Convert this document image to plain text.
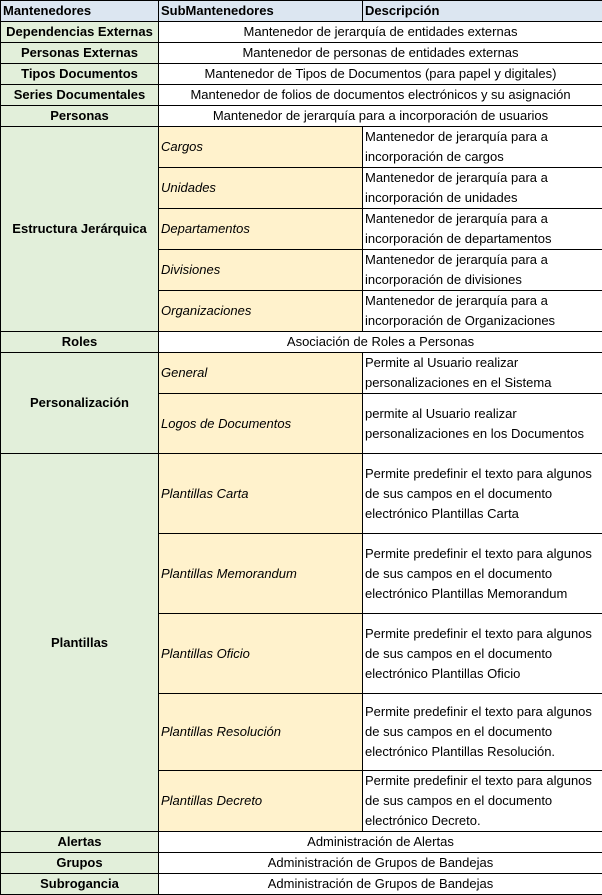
Mantenedores	SubMantenedores	Descripción
Dependencias Externas	Mantenedor de jerarquía de entidades externas	
Personas Externas	Mantenedor de personas de entidades externas	
Tipos Documentos	Mantenedor de Tipos de Documentos (para papel y digitales)	
Series Documentales	Mantenedor de folios de documentos electrónicos y su asignación	
Personas	Mantenedor de jerarquía para a incorporación de usuarios	
Estructura Jerárquica	Cargos	Mantenedor de jerarquía para a incorporación de cargos
	Unidades	Mantenedor de jerarquía para a incorporación de unidades
	Departamentos	Mantenedor de jerarquía para a incorporación de departamentos
	Divisiones	Mantenedor de jerarquía para a incorporación de divisiones
	Organizaciones	Mantenedor de jerarquía para a incorporación de Organizaciones
Roles	Asociación de Roles a Personas	
Personalización	General	Permite al Usuario realizar personalizaciones en el Sistema
	Logos de Documentos	permite al Usuario realizar personalizaciones en los Documentos
Plantillas	Plantillas Carta	Permite predefinir el texto para algunos de sus campos en el documento electrónico Plantillas Carta
	Plantillas Memorandum	Permite predefinir el texto para algunos de sus campos en el documento electrónico Plantillas Memorandum
	Plantillas Oficio	Permite predefinir el texto para algunos de sus campos en el documento electrónico Plantillas Oficio
	Plantillas Resolución	Permite predefinir el texto para algunos de sus campos en el documento electrónico Plantillas Resolución.
	Plantillas Decreto	Permite predefinir el texto para algunos de sus campos en el documento electrónico Decreto.
Alertas	Administración de Alertas	
Grupos	Administración de Grupos de Bandejas	
Subrogancia	Administración de Grupos de Bandejas	
